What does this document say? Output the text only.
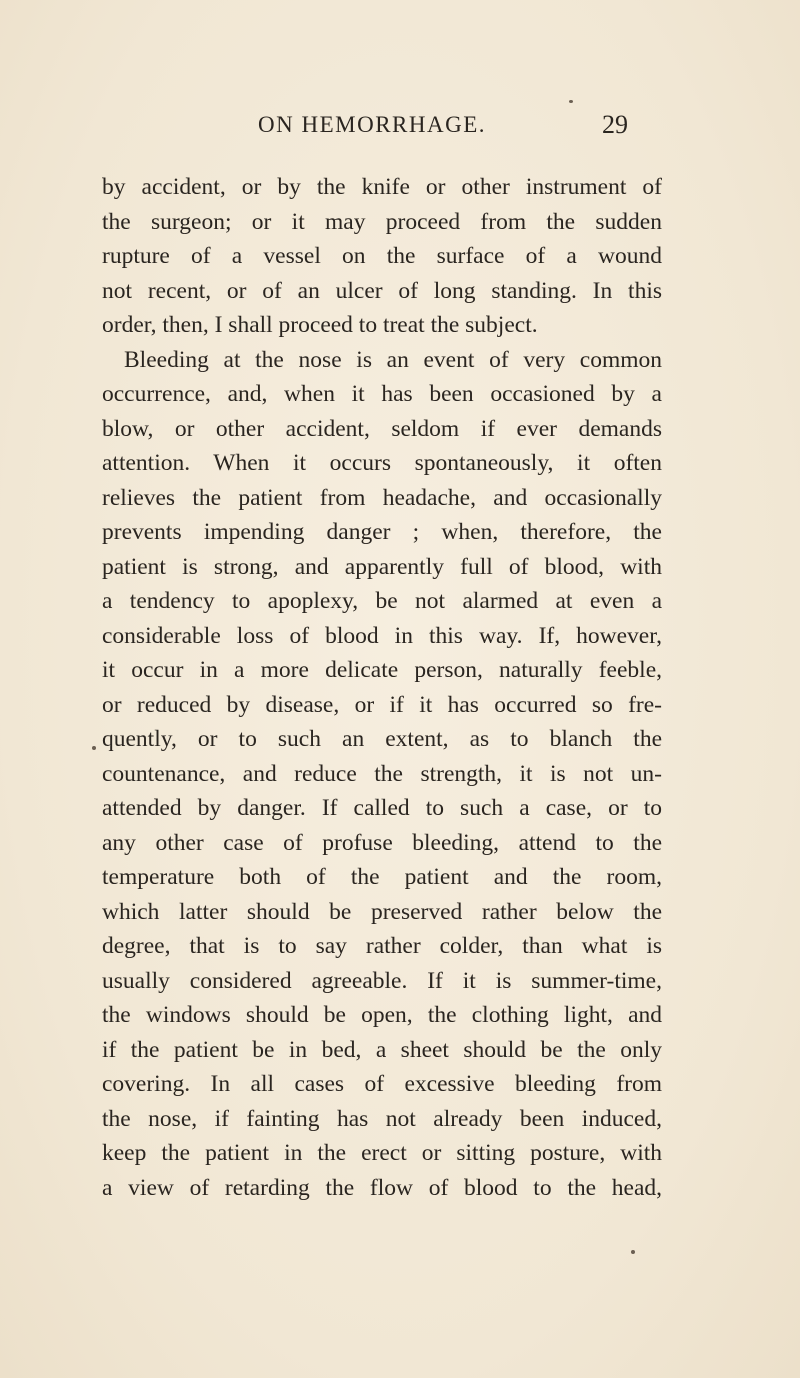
ON HEMORRHAGE.	29
by accident, or by the knife or other instrument of
the surgeon; or it may proceed from the sudden
rupture of a vessel on the surface of a wound
not recent, or of an ulcer of long standing. In this
order, then, I shall proceed to treat the subject.
Bleeding at the nose is an event of very common
occurrence, and, when it has been occasioned by a
blow, or other accident, seldom if ever demands
attention. When it occurs spontaneously, it often
relieves the patient from headache, and occasionally
prevents impending danger ; when, therefore, the
patient is strong, and apparently full of blood, with
a tendency to apoplexy, be not alarmed at even a
considerable loss of blood in this way. If, however,
it occur in a more delicate person, naturally feeble,
or reduced by disease, or if it has occurred so fre-
quently, or to such an extent, as to blanch the
countenance, and reduce the strength, it is not un-
attended by danger. If called to such a case, or to
any other case of profuse bleeding, attend to the
temperature both of the patient and the room,
which latter should be preserved rather below the
degree, that is to say rather colder, than what is
usually considered agreeable. If it is summer-time,
the windows should be open, the clothing light, and
if the patient be in bed, a sheet should be the only
covering. In all cases of excessive bleeding from
the nose, if fainting has not already been induced,
keep the patient in the erect or sitting posture, with
a view of retarding the flow of blood to the head,
